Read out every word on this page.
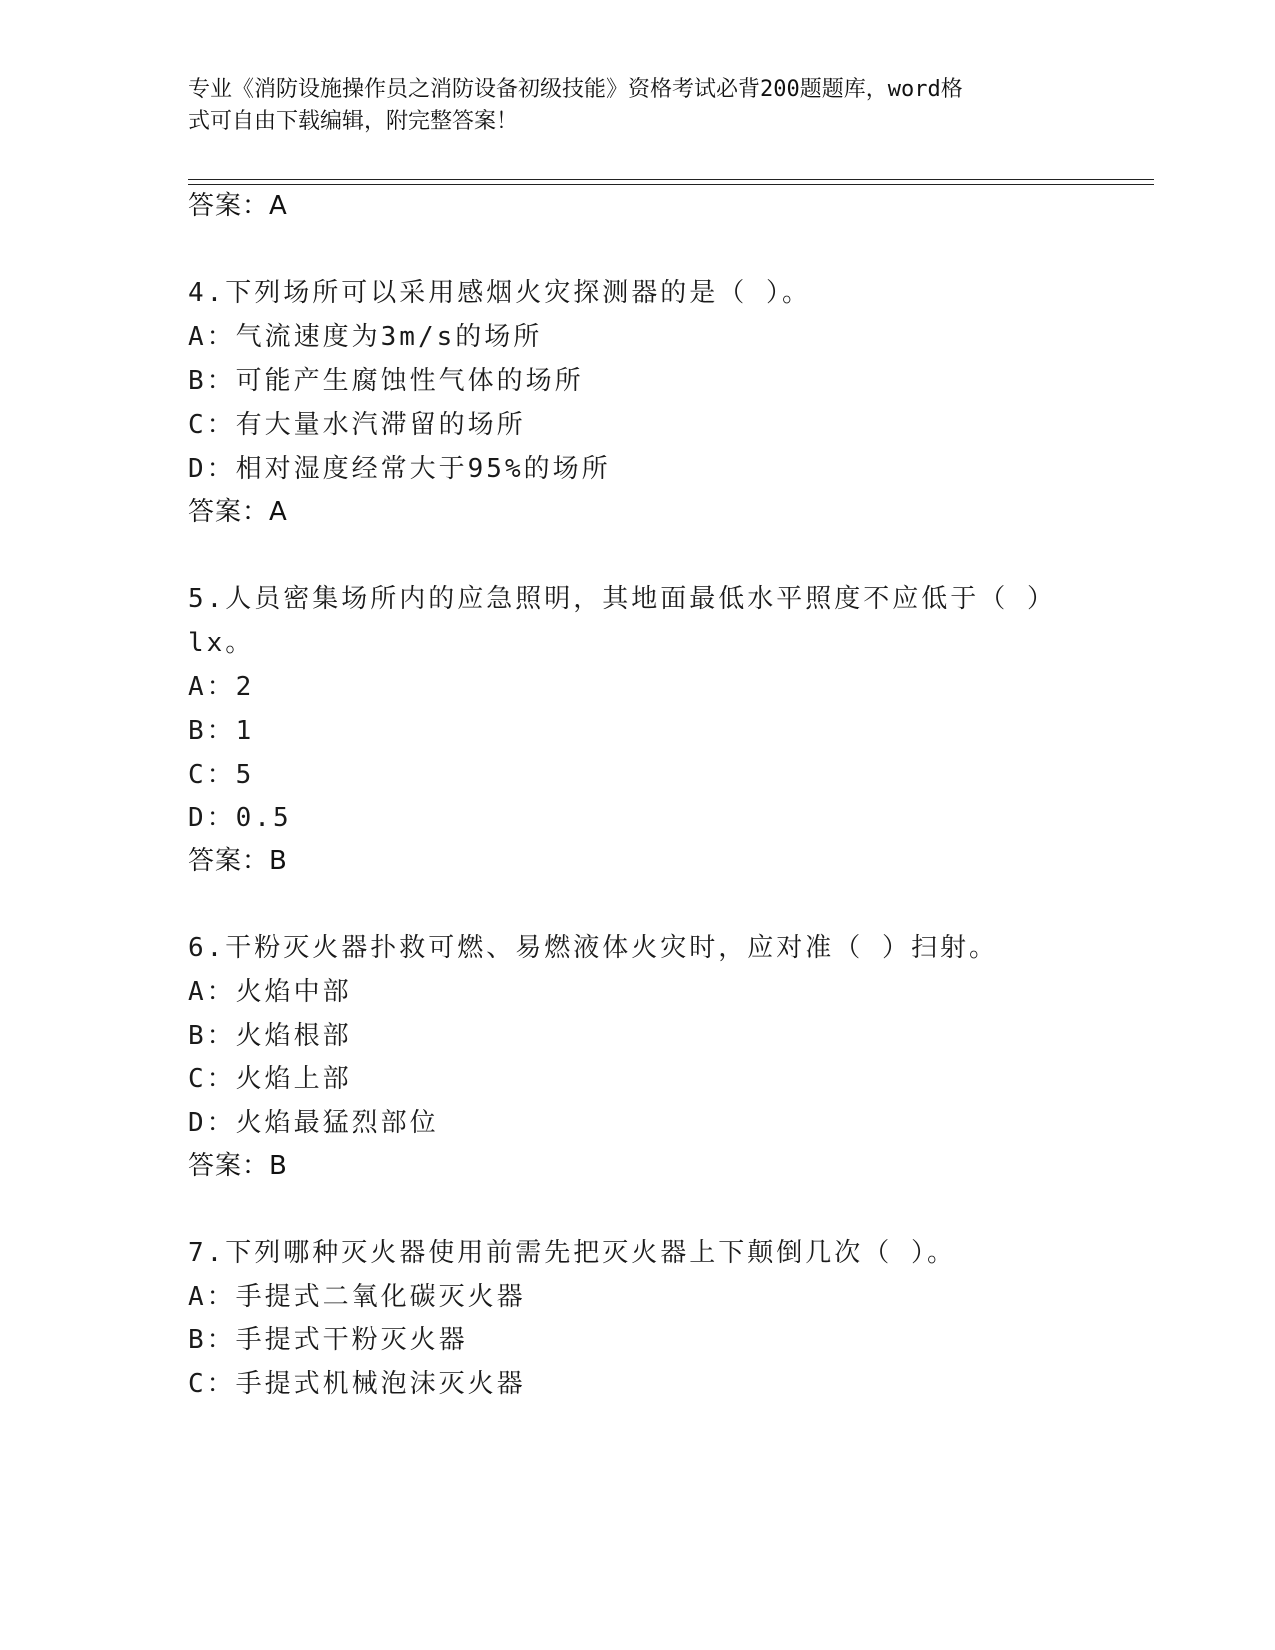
专业《消防设施操作员之消防设备初级技能》资格考试必背200题题库，word格
式可自由下载编辑，附完整答案！
答案：A
4.下列场所可以采用感烟火灾探测器的是（ ）。
A：气流速度为3m/s的场所
B：可能产生腐蚀性气体的场所
C：有大量水汽滞留的场所
D：相对湿度经常大于95%的场所
答案：A
5.人员密集场所内的应急照明，其地面最低水平照度不应低于（ ）
lx。
A：2
B：1
C：5
D：0.5
答案：B
6.干粉灭火器扑救可燃、易燃液体火灾时，应对准（ ）扫射。
A：火焰中部
B：火焰根部
C：火焰上部
D：火焰最猛烈部位
答案：B
7.下列哪种灭火器使用前需先把灭火器上下颠倒几次（ ）。
A：手提式二氧化碳灭火器
B：手提式干粉灭火器
C：手提式机械泡沫灭火器
